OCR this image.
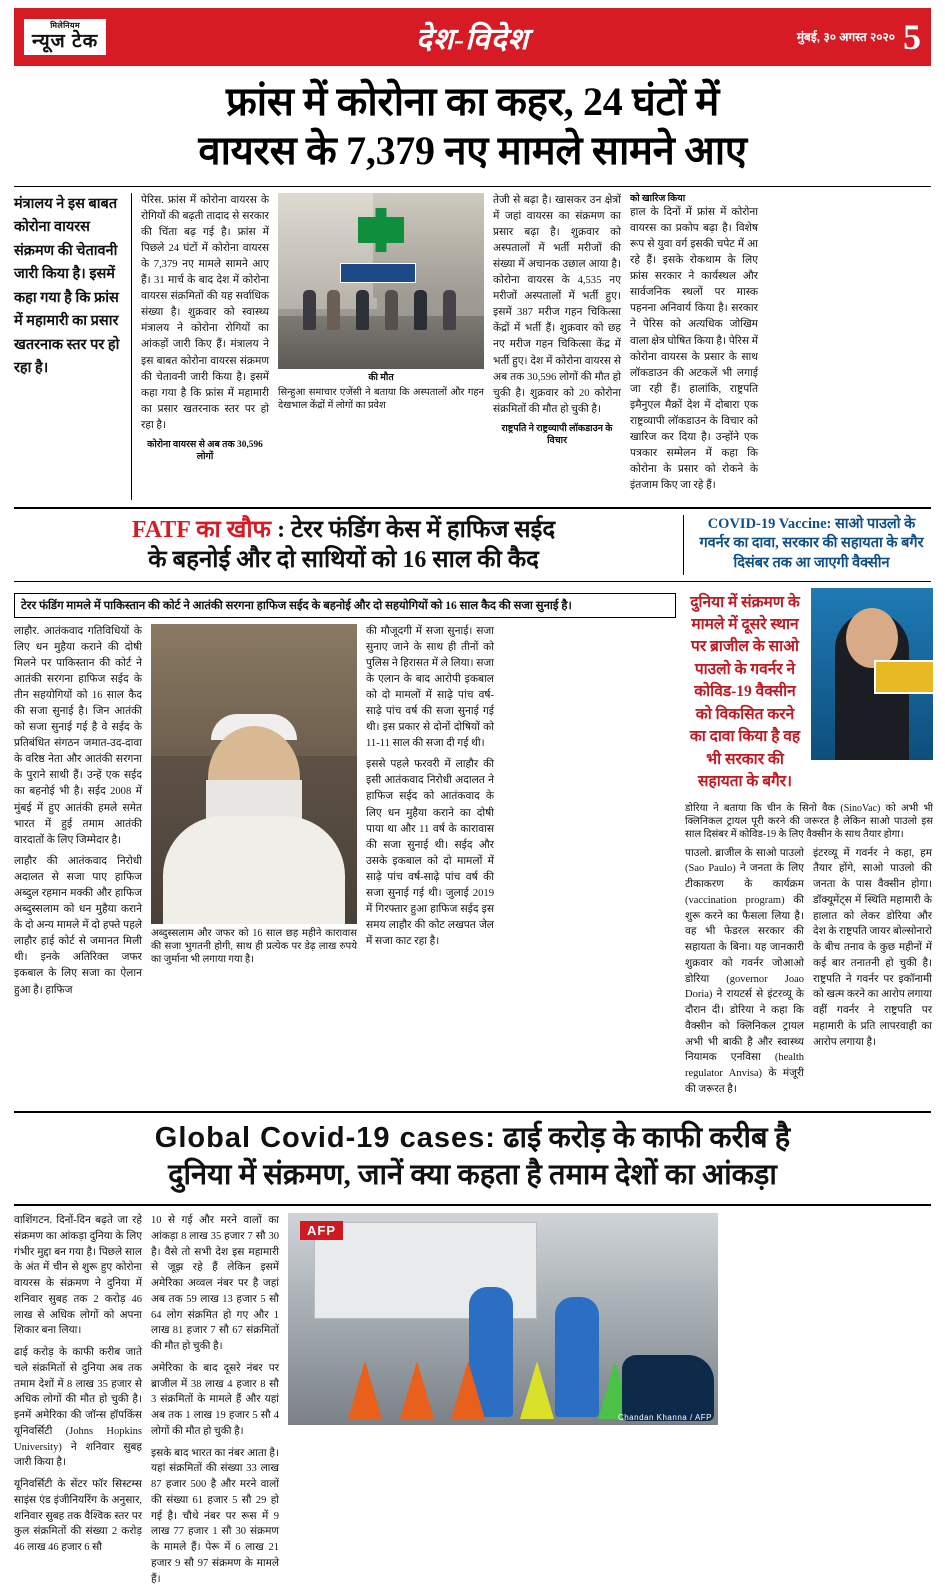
मिलेनियम
न्यूज टेक	देश-विदेश	मुंबई, ३० अगस्त २०२० 5
फ्रांस में कोरोना का कहर, 24 घंटों में
वायरस के 7,379 नए मामले सामने आए
मंत्रालय ने इस बाबत कोरोना वायरस संक्रमण की चेतावनी जारी किया है। इसमें कहा गया है कि फ्रांस में महामारी का प्रसार खतरनाक स्तर पर हो रहा है।

पेरिस. फ्रांस में कोरोना वायरस के रोगियों की बढ़ती तादाद से सरकार की चिंता बढ़ गई है। फ्रांस में पिछले 24 घंटों में कोरोना वायरस के 7,379 नए मामले सामने आए हैं। 31 मार्च के बाद देश में कोरोना वायरस संक्रमितों की यह सर्वाधिक संख्या है। शुक्रवार को स्वास्थ्य मंत्रालय ने कोरोना रोगियों का आंकड़ों जारी किए हैं। मंत्रालय ने इस बाबत कोरोना वायरस संक्रमण की चेतावनी जारी किया है। इसमें कहा गया है कि फ्रांस में महामारी का प्रसार खतरनाक स्तर पर हो रहा है।

कोरोना वायरस से अब तक 30,596 लोगों
की मौत
सिन्हुआ समाचार एजेंसी ने बताया कि अस्पतालों और गहन देखभाल केंद्रों में लोगों का प्रवेश

तेजी से बढ़ा है। खासकर उन क्षेत्रों में जहां वायरस का संक्रमण का प्रसार बढ़ा है। शुक्रवार को अस्पतालों में भर्ती मरीजों की संख्या में अचानक उछाल आया है। कोरोना वायरस के 4,535 नए मरीजों अस्पतालों में भर्ती हुए। इसमें 387 मरीज गहन चिकित्सा केंद्रों में भर्ती हैं। शुक्रवार को छह नए मरीज गहन चिकित्सा केंद्र में भर्ती हुए। देश में कोरोना वायरस से अब तक 30,596 लोगों की मौत हो चुकी है। शुक्रवार को 20 कोरोना संक्रमितों की मौत हो चुकी है।

राष्ट्रपति ने राष्ट्रव्यापी लॉकडाउन के विचार
को खारिज किया

हाल के दिनों में फ्रांस में कोरोना वायरस का प्रकोप बढ़ा है। विशेष रूप से युवा वर्ग इसकी चपेट में आ रहे हैं। इसके रोकथाम के लिए फ्रांस सरकार ने कार्यस्थल और सार्वजनिक स्थलों पर मास्क पहनना अनिवार्य किया है। सरकार ने पेरिस को अत्यधिक जोखिम वाला क्षेत्र घोषित किया है। पेरिस में कोरोना वायरस के प्रसार के साथ लॉकडाउन की अटकलें भी लगाई जा रही हैं। हालांकि, राष्ट्रपति इमैनुएल मैक्रों देश में दोबारा एक राष्ट्रव्यापी लॉकडाउन के विचार को खारिज कर दिया है। उन्होंने एक पत्रकार सम्मेलन में कहा कि कोरोना के प्रसार को रोकने के इंतजाम किए जा रहे हैं।

FATF का खौफ : टेरर फंडिंग केस में हाफिज सईद
के बहनोई और दो साथियों को 16 साल की कैद
COVID-19 Vaccine: साओ पाउलो के गवर्नर का दावा, सरकार की सहायता के बगैर दिसंबर तक आ जाएगी वैक्सीन
टेरर फंडिंग मामले में पाकिस्तान की कोर्ट ने आतंकी सरगना हाफिज सईद के बहनोई और दो सहयोगियों को 16 साल कैद की सजा सुनाई है।

लाहौर. आतंकवाद गतिविधियों के लिए धन मुहैया कराने की दोषी मिलने पर पाकिस्तान की कोर्ट ने आतंकी सरगना हाफिज सईद के तीन सहयोगियों को 16 साल कैद की सजा सुनाई है। जिन आतंकी को सजा सुनाई गई है वे सईद के प्रतिबंधित संगठन जमात-उद-दावा के वरिष्ठ नेता और आतंकी सरगना के पुराने साथी हैं। उन्हें एक सईद का बहनोई भी है। सईद 2008 में मुंबई में हुए आतंकी हमले समेत भारत में हुई तमाम आतंकी वारदातों के लिए जिम्मेदार है।

लाहौर की आतंकवाद निरोधी अदालत से सजा पाए हाफिज अब्दुल रहमान मक्की और हाफिज अब्दुस्सलाम को धन मुहैया कराने के दो अन्य मामले में दो हफ्ते पहले लाहौर हाई कोर्ट से जमानत मिली थी। इनके अतिरिक्त जफर इकबाल के लिए सजा का ऐलान हुआ है। हाफिज

अब्दुस्सलाम और जफर को 16 साल छह महीने कारावास की सजा भुगतनी होगी, साथ ही प्रत्येक पर डेढ़ लाख रुपये का जुर्माना भी लगाया गया है।

की मौजूदगी में सजा सुनाई। सजा सुनाए जाने के साथ ही तीनों को पुलिस ने हिरासत में ले लिया। सजा के एलान के बाद आरोपी इकबाल को दो मामलों में साढ़े पांच वर्ष-साढ़े पांच वर्ष की सजा सुनाई गई थी। इस प्रकार से दोनों दोषियों को 11-11 साल की सजा दी गई थी।

इससे पहले फरवरी में लाहौर की इसी आतंकवाद निरोधी अदालत ने हाफिज सईद को आतंकवाद के लिए धन मुहैया कराने का दोषी पाया था और 11 वर्ष के कारावास की सजा सुनाई थी। सईद और उसके इकबाल को दो मामलों में साढ़े पांच वर्ष-साढ़े पांच वर्ष की सजा सुनाई गई थी। जुलाई 2019 में गिरफ्तार हुआ हाफिज सईद इस समय लाहौर की कोट लखपत जेल में सजा काट रहा है।

दुनिया में संक्रमण के मामले में दूसरे स्थान पर ब्राजील के साओ पाउलो के गवर्नर ने कोविड-19 वैक्सीन को विकसित करने का दावा किया है वह भी सरकार की सहायता के बगैर।
डोरिया ने बताया कि चीन के सिनो वैक (SinoVac) को अभी भी क्लिनिकल ट्रायल पूरी करने की जरूरत है लेकिन साओ पाउलो इस साल दिसंबर में कोविड-19 के लिए वैक्सीन के साथ तैयार होगा।

पाउलो. ब्राजील के साओ पाउलो (Sao Paulo) ने जनता के लिए टीकाकरण के कार्यक्रम (vaccination program) की शुरू करने का फैसला लिया है। वह भी फेडरल सरकार की सहायता के बिना। यह जानकारी शुक्रवार को गवर्नर जोआओ डोरिया (governor Joao Doria) ने रायटर्स से इंटरव्यू के दौरान दी। डोरिया ने कहा कि वैक्सीन को क्लिनिकल ट्रायल अभी भी बाकी है और स्वास्थ्य नियामक एनविसा (health regulator Anvisa) के मंजूरी की जरूरत है।

इंटरव्यू में गवर्नर ने कहा, हम तैयार होंगे, साओ पाउलो की जनता के पास वैक्सीन होगा। डॉक्यूमेंट्स में स्थिति महामारी के हालात को लेकर डोरिया और देश के राष्ट्रपति जायर बोल्सोनारो के बीच तनाव के कुछ महीनों में कई बार तनातनी हो चुकी है। राष्ट्रपति ने गवर्नर पर इकॉनामी को खत्म करने का आरोप लगाया वहीं गवर्नर ने राष्ट्रपति पर महामारी के प्रति लापरवाही का आरोप लगाया है।

Global Covid-19 cases: ढाई करोड़ के काफी करीब है
दुनिया में संक्रमण, जानें क्या कहता है तमाम देशों का आंकड़ा

वाशिंगटन. दिनों-दिन बढ़ते जा रहे संक्रमण का आंकड़ा दुनिया के लिए गंभीर मुद्दा बन गया है। पिछले साल के अंत में चीन से शुरू हुए कोरोना वायरस के संक्रमण ने दुनिया में शनिवार सुबह तक 2 करोड़ 46 लाख से अधिक लोगों को अपना शिकार बना लिया।

ढाई करोड़ के काफी करीब जाते चले संक्रमितों से दुनिया अब तक तमाम देशों में 8 लाख 35 हजार से अधिक लोगों की मौत हो चुकी है। इनमें अमेरिका की जॉन्स हॉपकिंस यूनिवर्सिटी (Johns Hopkins University) ने शनिवार सुबह जारी किया है।

यूनिवर्सिटी के सेंटर फॉर सिस्टम्स साइंस एंड इंजीनियरिंग के अनुसार, शनिवार सुबह तक वैश्विक स्तर पर कुल संक्रमितों की संख्या 2 करोड़ 46 लाख 46 हजार 6 सौ

10 से गई और मरने वालों का आंकड़ा 8 लाख 35 हजार 7 सौ 30 है। वैसे तो सभी देश इस महामारी से जूझ रहे हैं लेकिन इसमें अमेरिका अव्वल नंबर पर है जहां अब तक 59 लाख 13 हजार 5 सौ 64 लोग संक्रमित हो गए और 1 लाख 81 हजार 7 सौ 67 संक्रमितों की मौत हो चुकी है।

अमेरिका के बाद दूसरे नंबर पर ब्राजील में 38 लाख 4 हजार 8 सौ 3 संक्रमितों के मामले हैं और यहां अब तक 1 लाख 19 हजार 5 सौ 4 लोगों की मौत हो चुकी है।

इसके बाद भारत का नंबर आता है। यहां संक्रमितों की संख्या 33 लाख 87 हजार 500 है और मरने वालों की संख्या 61 हजार 5 सौ 29 हो गई है। चौथे नंबर पर रूस में 9 लाख 77 हजार 1 सौ 30 संक्रमण के मामले हैं। पेरू में 6 लाख 21 हजार 9 सौ 97 संक्रमण के मामले हैं।

AFP
Chandan Khanna / AFP
